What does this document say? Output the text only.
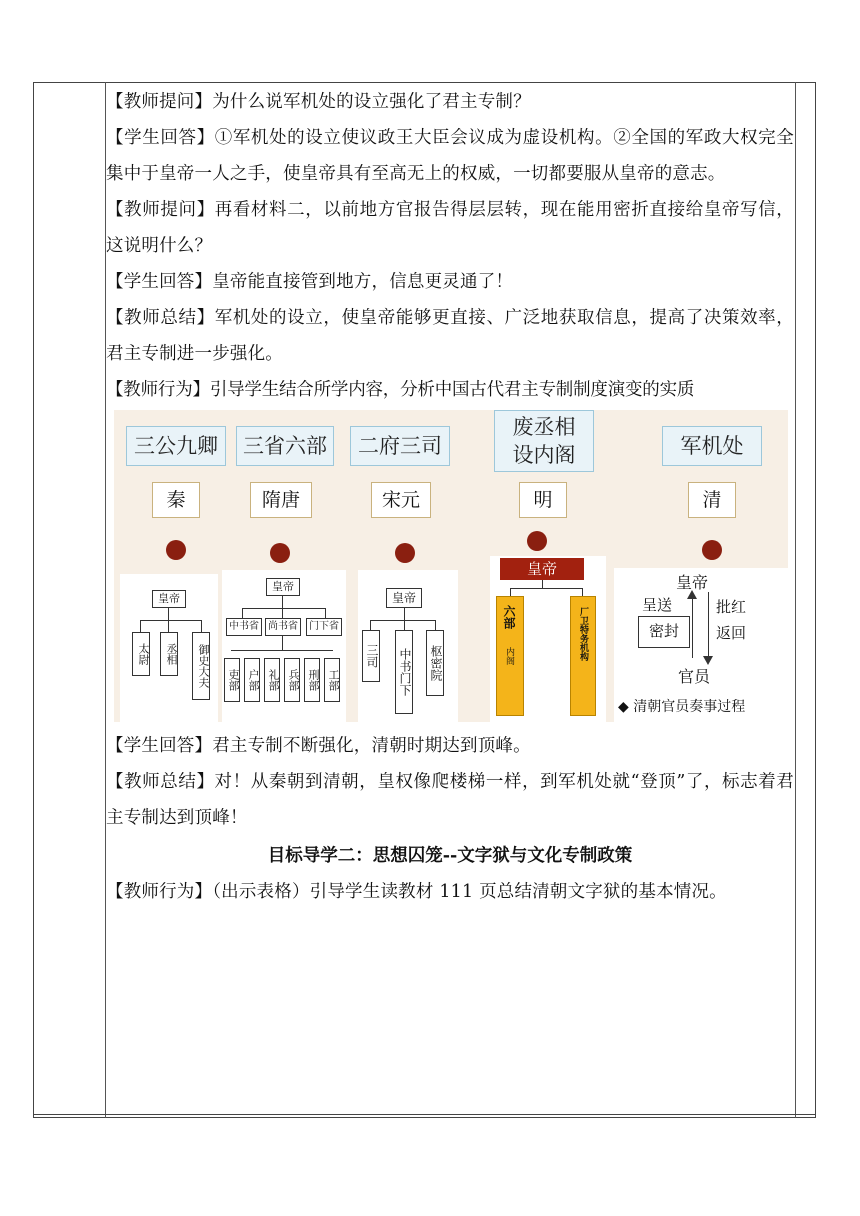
【教师提问】为什么说军机处的设立强化了君主专制？

【学生回答】①军机处的设立使议政王大臣会议成为虚设机构。②全国的军政大权完全集中于皇帝一人之手，使皇帝具有至高无上的权威，一切都要服从皇帝的意志。

【教师提问】再看材料二，以前地方官报告得层层转，现在能用密折直接给皇帝写信，这说明什么？

【学生回答】皇帝能直接管到地方，信息更灵通了！

【教师总结】军机处的设立，使皇帝能够更直接、广泛地获取信息，提高了决策效率，君主专制进一步强化。

【教师行为】引导学生结合所学内容，分析中国古代君主专制制度演变的实质

三公九卿	三省六部	二府三司
废丞相设内阁	军机处
秦	隋唐	宋元	明	清
皇帝
太尉	丞相	御史大夫
皇帝
中书省 尚书省	门下省
吏部 户部 礼部 兵部 刑部 工部
皇帝
三司 中书门下 枢密院
皇帝
六部
内阁	厂卫特务机构
皇帝
呈送	批红
密封	返回
官员
◆ 清朝官员奏事过程

【学生回答】君主专制不断强化，清朝时期达到顶峰。

【教师总结】对！从秦朝到清朝，皇权像爬楼梯一样，到军机处就“登顶”了，标志着君主专制达到顶峰！

目标导学二：思想囚笼--文字狱与文化专制政策

【教师行为】（出示表格）引导学生读教材 111 页总结清朝文字狱的基本情况。
